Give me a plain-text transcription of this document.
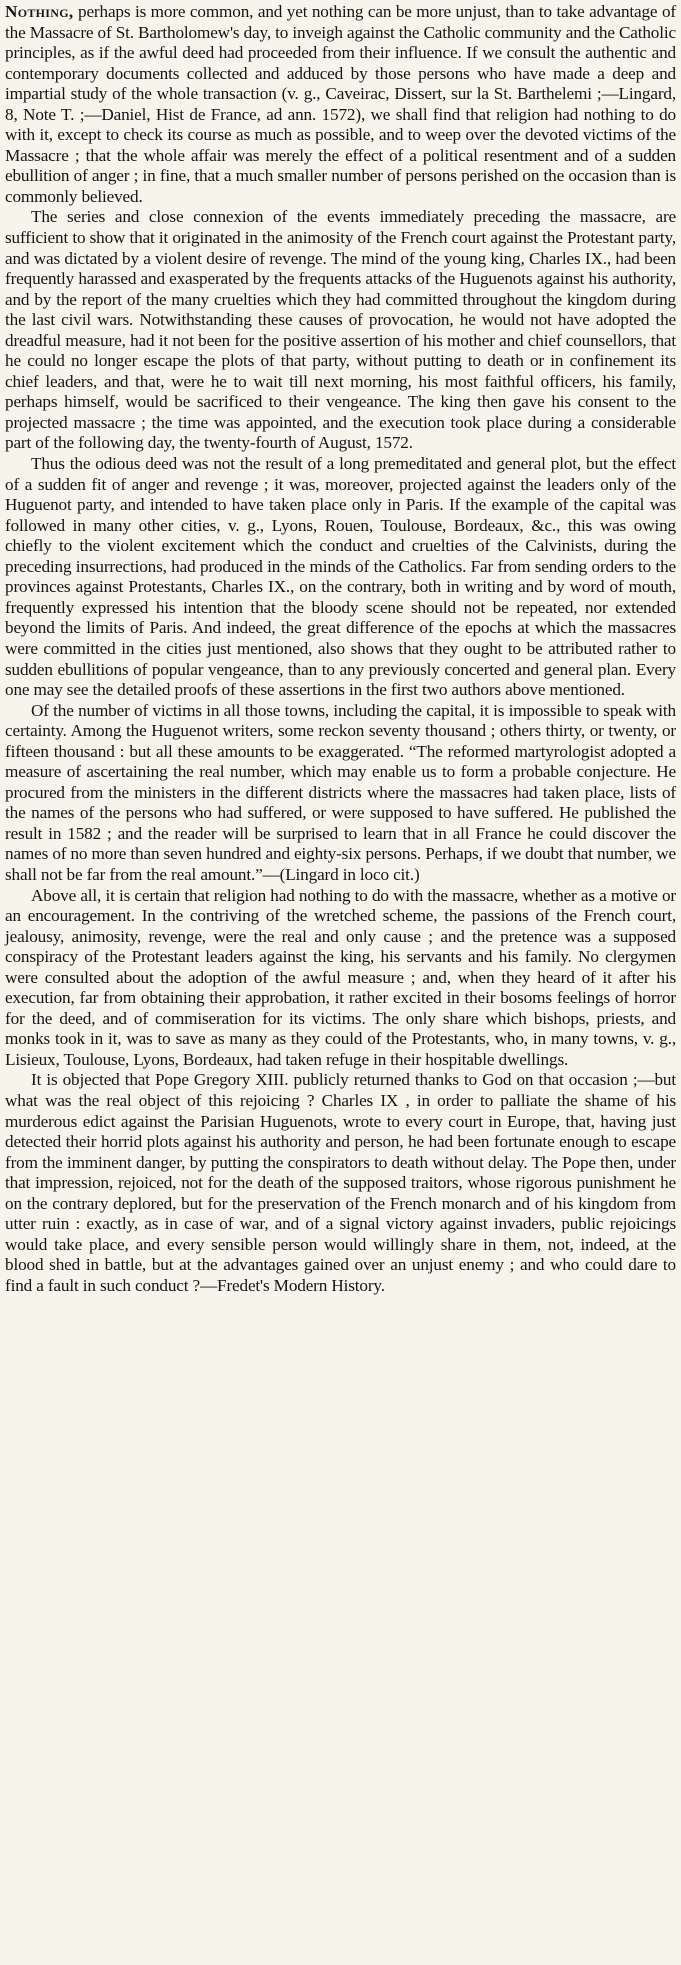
Nothing, perhaps is more common, and yet nothing can be more unjust, than to take advantage of the Massacre of St. Bartholomew's day, to inveigh against the Catholic community and the Catholic principles, as if the awful deed had proceeded from their influence. If we consult the authentic and contemporary documents collected and adduced by those persons who have made a deep and impartial study of the whole transaction (v. g., Caveirac, Dissert, sur la St. Barthelemi ;—Lingard, 8, Note T. ;—Daniel, Hist de France, ad ann. 1572), we shall find that religion had nothing to do with it, except to check its course as much as possible, and to weep over the devoted victims of the Massacre ; that the whole affair was merely the effect of a political resentment and of a sudden ebullition of anger ; in fine, that a much smaller number of persons perished on the occasion than is commonly believed.

The series and close connexion of the events immediately preceding the massacre, are sufficient to show that it originated in the animosity of the French court against the Protestant party, and was dictated by a violent desire of revenge. The mind of the young king, Charles IX., had been frequently harassed and exasperated by the frequents attacks of the Huguenots against his authority, and by the report of the many cruelties which they had committed throughout the kingdom during the last civil wars. Notwithstanding these causes of provocation, he would not have adopted the dreadful measure, had it not been for the positive assertion of his mother and chief counsellors, that he could no longer escape the plots of that party, without putting to death or in confinement its chief leaders, and that, were he to wait till next morning, his most faithful officers, his family, perhaps himself, would be sacrificed to their vengeance. The king then gave his consent to the projected massacre ; the time was appointed, and the execution took place during a considerable part of the following day, the twenty-fourth of August, 1572.

Thus the odious deed was not the result of a long premeditated and general plot, but the effect of a sudden fit of anger and revenge ; it was, moreover, projected against the leaders only of the Huguenot party, and intended to have taken place only in Paris. If the example of the capital was followed in many other cities, v. g., Lyons, Rouen, Toulouse, Bordeaux, &c., this was owing chiefly to the violent excitement which the conduct and cruelties of the Calvinists, during the preceding insurrections, had produced in the minds of the Catholics. Far from sending orders to the provinces against Protestants, Charles IX., on the contrary, both in writing and by word of mouth, frequently expressed his intention that the bloody scene should not be repeated, nor extended beyond the limits of Paris. And indeed, the great difference of the epochs at which the massacres were committed in the cities just mentioned, also shows that they ought to be attributed rather to sudden ebullitions of popular vengeance, than to any previously concerted and general plan. Every one may see the detailed proofs of these assertions in the first two authors above mentioned.

Of the number of victims in all those towns, including the capital, it is impossible to speak with certainty. Among the Huguenot writers, some reckon seventy thousand ; others thirty, or twenty, or fifteen thousand : but all these amounts to be exaggerated. “The reformed martyrologist adopted a measure of ascertaining the real number, which may enable us to form a probable conjecture. He procured from the ministers in the different districts where the massacres had taken place, lists of the names of the persons who had suffered, or were supposed to have suffered. He published the result in 1582 ; and the reader will be surprised to learn that in all France he could discover the names of no more than seven hundred and eighty-six persons. Perhaps, if we doubt that number, we shall not be far from the real amount.”—(Lingard in loco cit.)

Above all, it is certain that religion had nothing to do with the massacre, whether as a motive or an encouragement. In the contriving of the wretched scheme, the passions of the French court, jealousy, animosity, revenge, were the real and only cause ; and the pretence was a supposed conspiracy of the Protestant leaders against the king, his servants and his family. No clergymen were consulted about the adoption of the awful measure ; and, when they heard of it after his execution, far from obtaining their approbation, it rather excited in their bosoms feelings of horror for the deed, and of commiseration for its victims. The only share which bishops, priests, and monks took in it, was to save as many as they could of the Protestants, who, in many towns, v. g., Lisieux, Toulouse, Lyons, Bordeaux, had taken refuge in their hospitable dwellings.

It is objected that Pope Gregory XIII. publicly returned thanks to God on that occasion ;—but what was the real object of this rejoicing ? Charles IX , in order to palliate the shame of his murderous edict against the Parisian Huguenots, wrote to every court in Europe, that, having just detected their horrid plots against his authority and person, he had been fortunate enough to escape from the imminent danger, by putting the conspirators to death without delay. The Pope then, under that impression, rejoiced, not for the death of the supposed traitors, whose rigorous punishment he on the contrary deplored, but for the preservation of the French monarch and of his kingdom from utter ruin : exactly, as in case of war, and of a signal victory against invaders, public rejoicings would take place, and every sensible person would willingly share in them, not, indeed, at the blood shed in battle, but at the advantages gained over an unjust enemy ; and who could dare to find a fault in such conduct ?—Fredet's Modern History.
